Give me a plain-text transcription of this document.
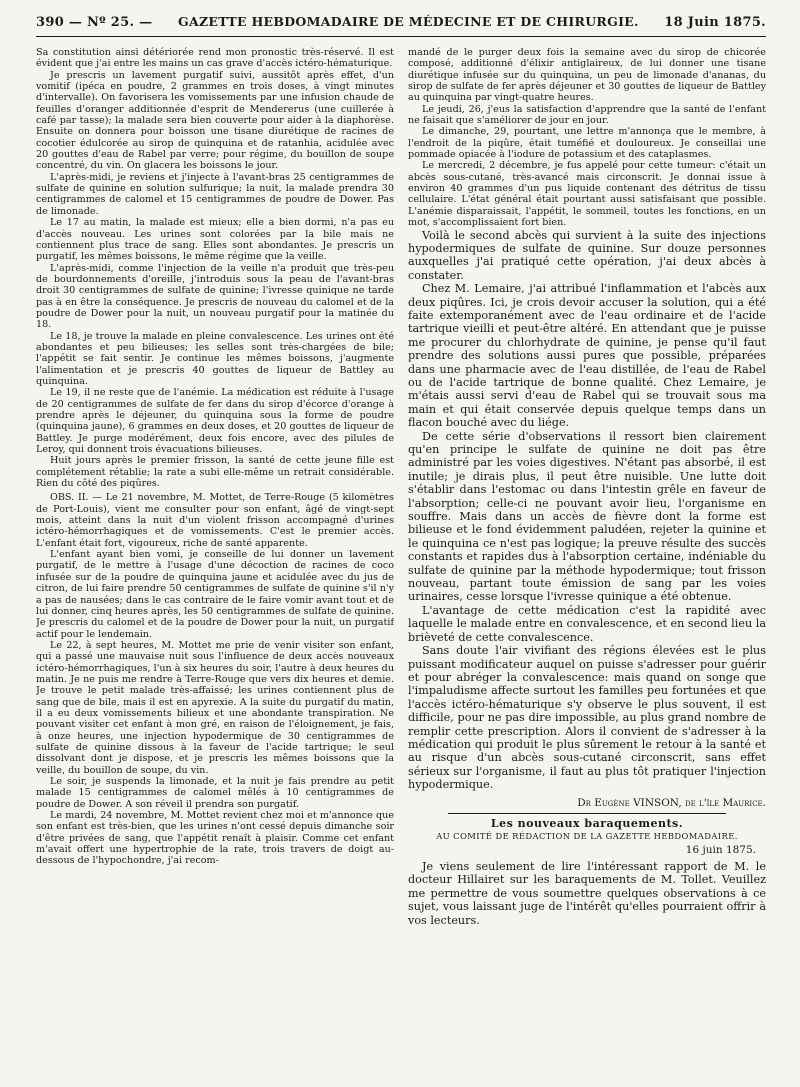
390 — Nº 25. —	GAZETTE HEBDOMADAIRE DE MÉDECINE ET DE CHIRURGIE.	18 Juin 1875.

Sa constitution ainsi détériorée rend mon pronostic très-réservé. Il est évident que j'ai entre les mains un cas grave d'accès ictéro-hématurique.

Je prescris un lavement purgatif suivi, aussitôt après effet, d'un vomitif (ipéca en poudre, 2 grammes en trois doses, à vingt minutes d'intervalle). On favorisera les vomissements par une infusion chaude de feuilles d'oranger additionnée d'esprit de Mendererus (une cuillerée à café par tasse); la malade sera bien couverte pour aider à la diaphorèse. Ensuite on donnera pour boisson une tisane diurétique de racines de cocotier édulcorée au sirop de quinquina et de ratanhia, acidulée avec 20 gouttes d'eau de Rabel par verre; pour régime, du bouillon de soupe concentré, du vin. On glacera les boissons le jour.

L'après-midi, je reviens et j'injecte à l'avant-bras 25 centigrammes de sulfate de quinine en solution sulfurique; la nuit, la malade prendra 30 centigrammes de calomel et 15 centigrammes de poudre de Dower. Pas de limonade.

Le 17 au matin, la malade est mieux; elle a bien dormi, n'a pas eu d'accès nouveau. Les urines sont colorées par la bile mais ne contiennent plus trace de sang. Elles sont abondantes. Je prescris un purgatif, les mêmes boissons, le même régime que la veille.

L'après-midi, comme l'injection de la veille n'a produit que très-peu de bourdonnements d'oreille, j'introduis sous la peau de l'avant-bras droit 30 centigrammes de sulfate de quinine; l'ivresse quinique ne tarde pas à en être la conséquence. Je prescris de nouveau du calomel et de la poudre de Dower pour la nuit, un nouveau purgatif pour la matinée du 18.

Le 18, je trouve la malade en pleine convalescence. Les urines ont été abondantes et peu bilieuses; les selles sont très-chargées de bile; l'appétit se fait sentir. Je continue les mêmes boissons, j'augmente l'alimentation et je prescris 40 gouttes de liqueur de Battley au quinquina.

Le 19, il ne reste que de l'anémie. La médication est réduite à l'usage de 20 centigrammes de sulfate de fer dans du sirop d'écorce d'orange à prendre après le déjeuner, du quinquina sous la forme de poudre (quinquina jaune), 6 grammes en deux doses, et 20 gouttes de liqueur de Battley. Je purge modérément, deux fois encore, avec des pilules de Leroy, qui donnent trois évacuations bilieuses.

Huit jours après le premier frisson, la santé de cette jeune fille est complétement rétablie; la rate a subi elle-même un retrait considérable. Rien du côté des piqûres.

OBS. II. — Le 21 novembre, M. Mottet, de Terre-Rouge (5 kilomètres de Port-Louis), vient me consulter pour son enfant, âgé de vingt-sept mois, atteint dans la nuit d'un violent frisson accompagné d'urines ictéro-hémorrhagiques et de vomissements. C'est le premier accès. L'enfant était fort, vigoureux, riche de santé apparente.

L'enfant ayant bien vomi, je conseille de lui donner un lavement purgatif, de le mettre à l'usage d'une décoction de racines de coco infusée sur de la poudre de quinquina jaune et acidulée avec du jus de citron, de lui faire prendre 50 centigrammes de sulfate de quinine s'il n'y a pas de nausées; dans le cas contraire de le faire vomir avant tout et de lui donner, cinq heures après, les 50 centigrammes de sulfate de quinine. Je prescris du calomel et de la poudre de Dower pour la nuit, un purgatif actif pour le lendemain.

Le 22, à sept heures, M. Mottet me prie de venir visiter son enfant, qui a passé une mauvaise nuit sous l'influence de deux accès nouveaux ictéro-hémorrhagiques, l'un à six heures du soir, l'autre à deux heures du matin. Je ne puis me rendre à Terre-Rouge que vers dix heures et demie. Je trouve le petit malade très-affaissé; les urines contiennent plus de sang que de bile, mais il est en apyrexie. A la suite du purgatif du matin, il a eu deux vomissements bilieux et une abondante transpiration. Ne pouvant visiter cet enfant à mon gré, en raison de l'éloignement, je fais, à onze heures, une injection hypodermique de 30 centigrammes de sulfate de quinine dissous à la faveur de l'acide tartrique; le seul dissolvant dont je dispose, et je prescris les mêmes boissons que la veille, du bouillon de soupe, du vin.

Le soir, je suspends la limonade, et la nuit je fais prendre au petit malade 15 centigrammes de calomel mêlés à 10 centigrammes de poudre de Dower. A son réveil il prendra son purgatif.

Le mardi, 24 novembre, M. Mottet revient chez moi et m'annonce que son enfant est très-bien, que les urines n'ont cessé depuis dimanche soir d'être privées de sang, que l'appétit renaît à plaisir. Comme cet enfant m'avait offert une hypertrophie de la rate, trois travers de doigt au-dessous de l'hypochondre, j'ai recom-

mandé de le purger deux fois la semaine avec du sirop de chicorée composé, additionné d'élixir antiglaireux, de lui donner une tisane diurétique infusée sur du quinquina, un peu de limonade d'ananas, du sirop de sulfate de fer après déjeuner et 30 gouttes de liqueur de Battley au quinquina par vingt-quatre heures.

Le jeudi, 26, j'eus la satisfaction d'apprendre que la santé de l'enfant ne faisait que s'améliorer de jour en jour.

Le dimanche, 29, pourtant, une lettre m'annonça que le membre, à l'endroit de la piqûre, était tuméfié et douloureux. Je conseillai une pommade opiacée à l'iodure de potassium et des cataplasmes.

Le mercredi, 2 décembre, je fus appelé pour cette tumeur: c'était un abcès sous-cutané, très-avancé mais circonscrit. Je donnai issue à environ 40 grammes d'un pus liquide contenant des détritus de tissu cellulaire. L'état général était pourtant aussi satisfaisant que possible. L'anémie disparaissait, l'appétit, le sommeil, toutes les fonctions, en un mot, s'accomplissaient fort bien.

Voilà le second abcès qui survient à la suite des injections hypodermiques de sulfate de quinine. Sur douze personnes auxquelles j'ai pratiqué cette opération, j'ai deux abcès à constater.

Chez M. Lemaire, j'ai attribué l'inflammation et l'abcès aux deux piqûres. Ici, je crois devoir accuser la solution, qui a été faite extemporanément avec de l'eau ordinaire et de l'acide tartrique vieilli et peut-être altéré. En attendant que je puisse me procurer du chlorhydrate de quinine, je pense qu'il faut prendre des solutions aussi pures que possible, préparées dans une pharmacie avec de l'eau distillée, de l'eau de Rabel ou de l'acide tartrique de bonne qualité. Chez Lemaire, je m'étais aussi servi d'eau de Rabel qui se trouvait sous ma main et qui était conservée depuis quelque temps dans un flacon bouché avec du liége.

De cette série d'observations il ressort bien clairement qu'en principe le sulfate de quinine ne doit pas être administré par les voies digestives. N'étant pas absorbé, il est inutile; je dirais plus, il peut être nuisible. Une lutte doit s'établir dans l'estomac ou dans l'intestin grêle en faveur de l'absorption; celle-ci ne pouvant avoir lieu, l'organisme en souffre. Mais dans un accès de fièvre dont la forme est bilieuse et le fond évidemment paludéen, rejeter la quinine et le quinquina ce n'est pas logique; la preuve résulte des succès constants et rapides dus à l'absorption certaine, indéniable du sulfate de quinine par la méthode hypodermique; tout frisson nouveau, partant toute émission de sang par les voies urinaires, cesse lorsque l'ivresse quinique a été obtenue.

L'avantage de cette médication c'est la rapidité avec laquelle le malade entre en convalescence, et en second lieu la brièveté de cette convalescence.

Sans doute l'air vivifiant des régions élevées est le plus puissant modificateur auquel on puisse s'adresser pour guérir et pour abréger la convalescence: mais quand on songe que l'impaludisme affecte surtout les familles peu fortunées et que l'accès ictéro-hématurique s'y observe le plus souvent, il est difficile, pour ne pas dire impossible, au plus grand nombre de remplir cette prescription. Alors il convient de s'adresser à la médication qui produit le plus sûrement le retour à la santé et au risque d'un abcès sous-cutané circonscrit, sans effet sérieux sur l'organisme, il faut au plus tôt pratiquer l'injection hypodermique.

Dr Eugène VINSON, de l'île Maurice.
Les nouveaux baraquements.
AU COMITÉ DE RÉDACTION DE LA GAZETTE HEBDOMADAIRE.
16 juin 1875.

Je viens seulement de lire l'intéressant rapport de M. le docteur Hillairet sur les baraquements de M. Tollet. Veuillez me permettre de vous soumettre quelques observations à ce sujet, vous laissant juge de l'intérêt qu'elles pourraient offrir à vos lecteurs.
